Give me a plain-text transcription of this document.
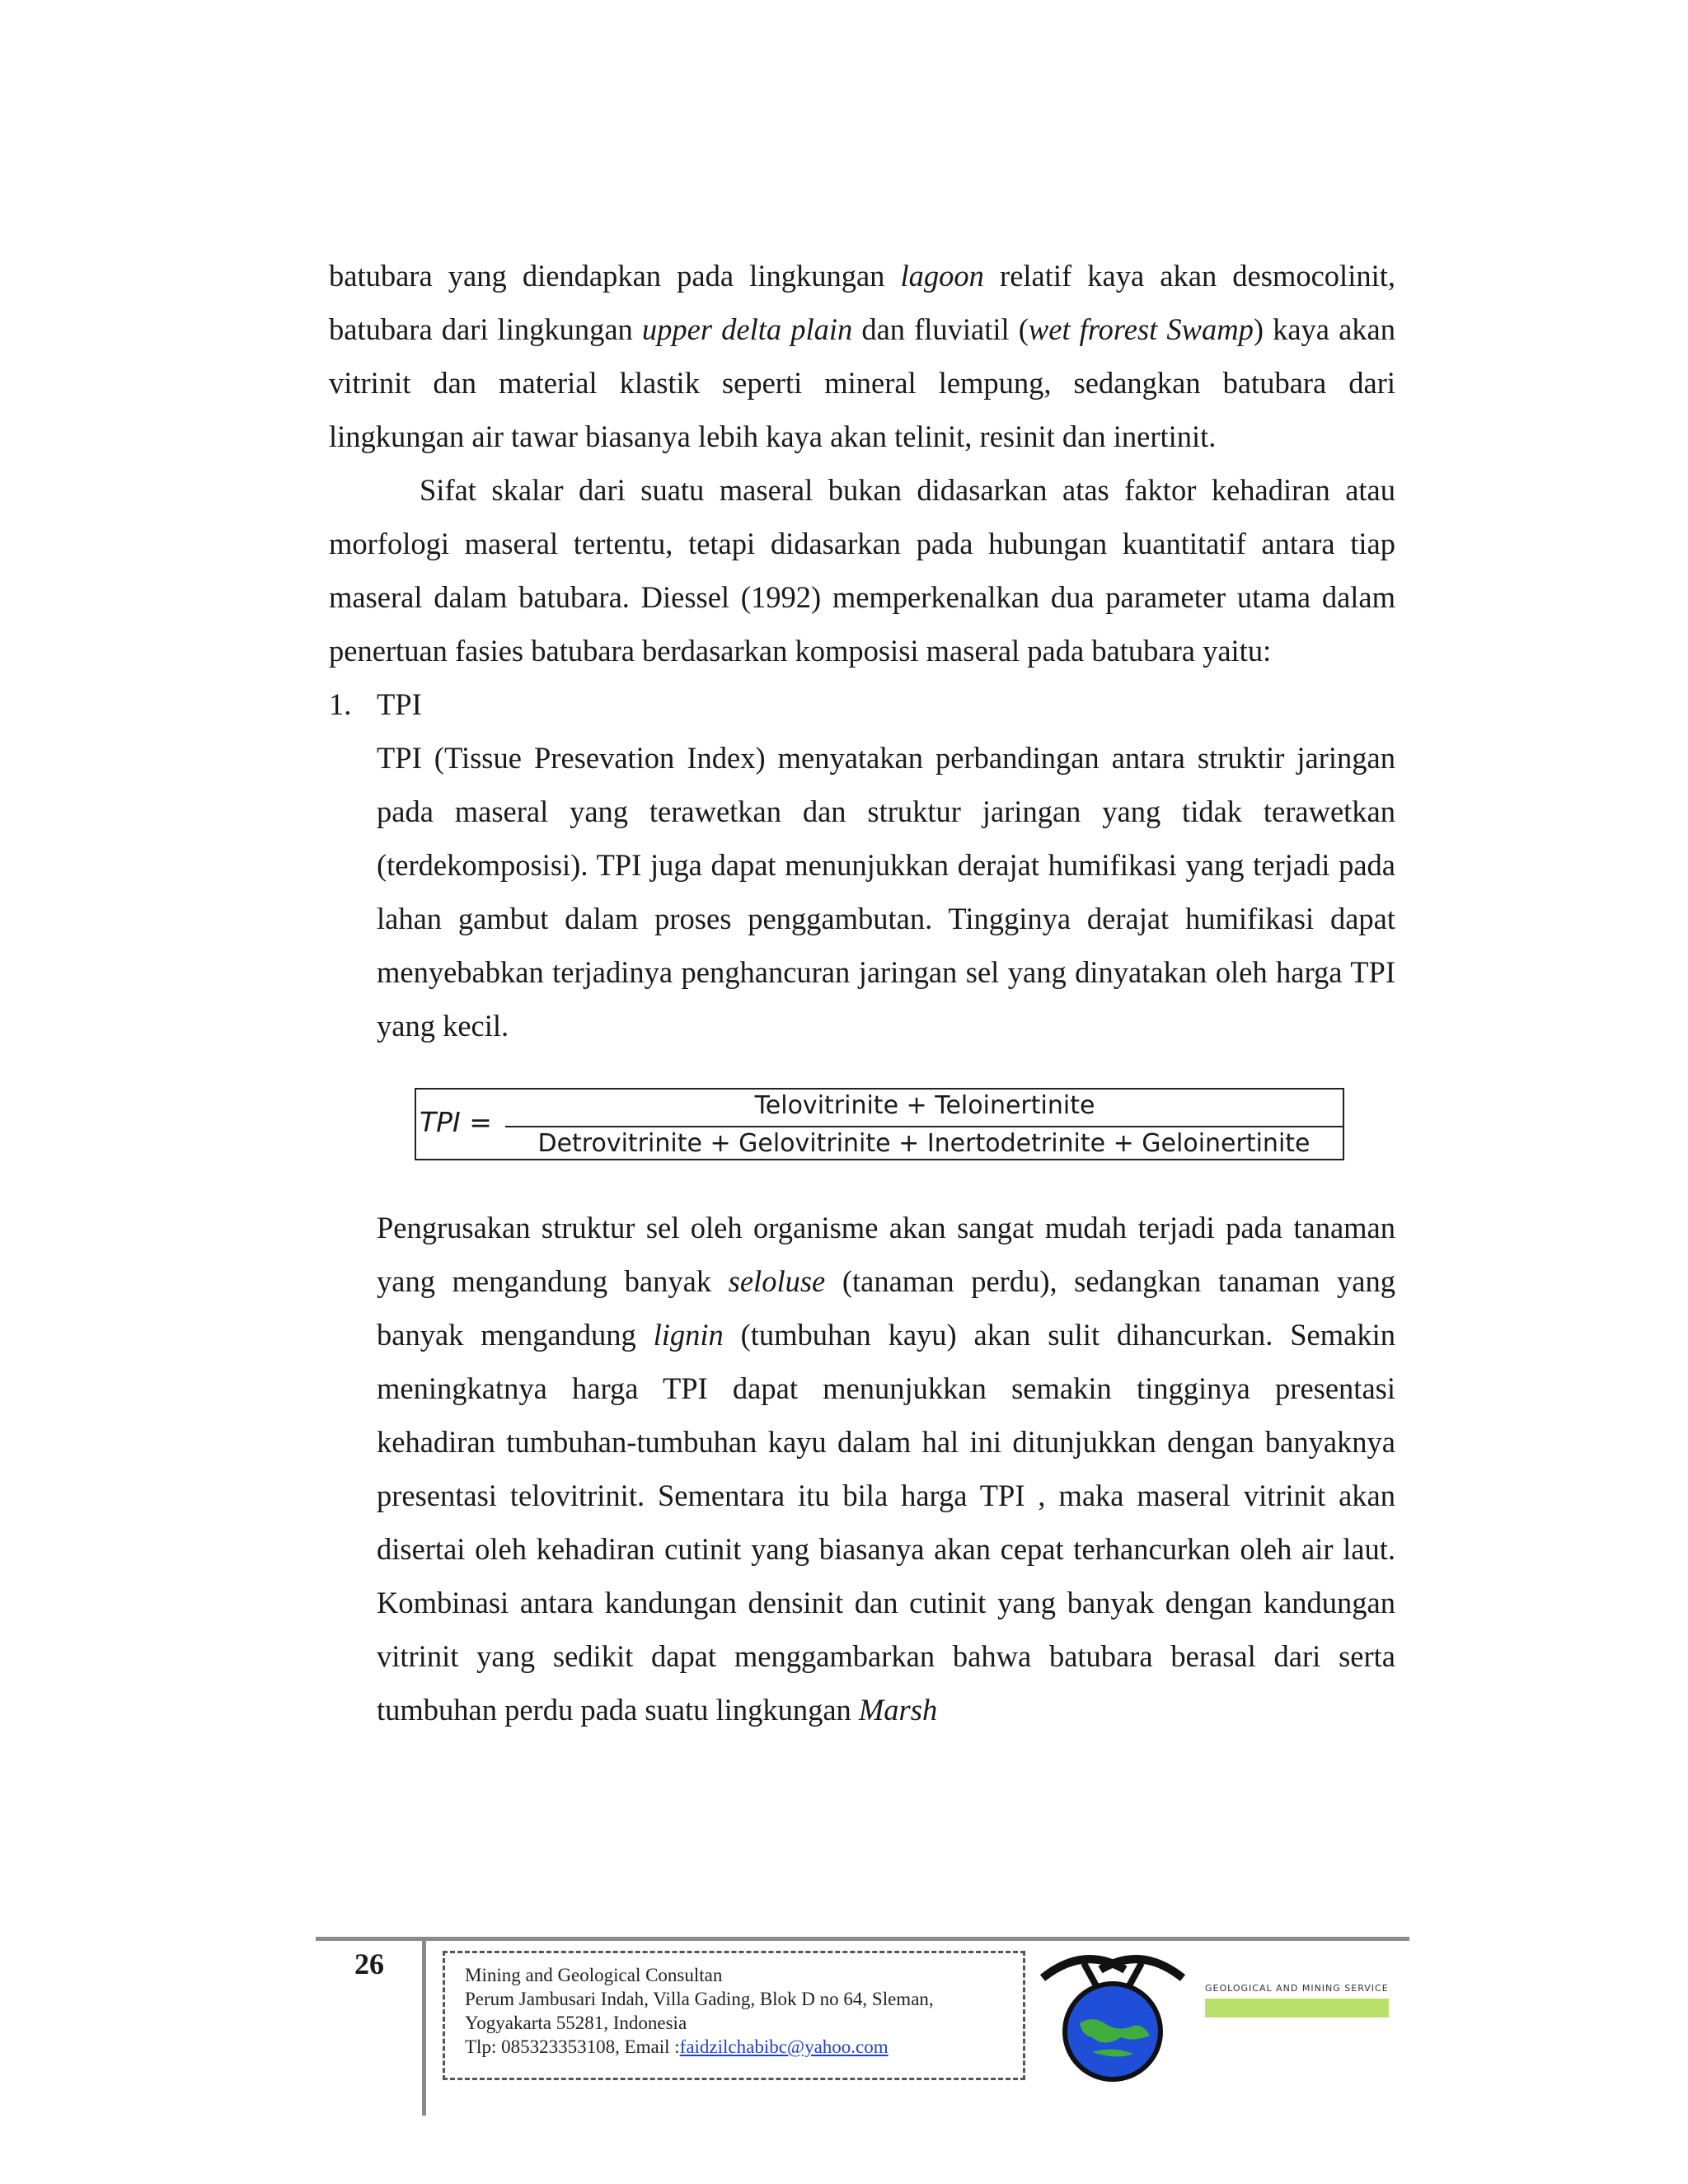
batubara yang diendapkan pada lingkungan lagoon relatif kaya akan desmocolinit, batubara dari lingkungan upper delta plain dan fluviatil (wet frorest Swamp) kaya akan vitrinit dan material klastik seperti mineral lempung, sedangkan batubara dari lingkungan air tawar biasanya lebih kaya akan telinit, resinit dan inertinit.

Sifat skalar dari suatu maseral bukan didasarkan atas faktor kehadiran atau morfologi maseral tertentu, tetapi didasarkan pada hubungan kuantitatif antara tiap maseral dalam batubara. Diessel (1992) memperkenalkan dua parameter utama dalam penertuan fasies batubara berdasarkan komposisi maseral pada batubara yaitu:

1. TPI

TPI (Tissue Presevation Index) menyatakan perbandingan antara struktir jaringan pada maseral yang terawetkan dan struktur jaringan yang tidak terawetkan (terdekomposisi). TPI juga dapat menunjukkan derajat humifikasi yang terjadi pada lahan gambut dalam proses penggambutan. Tingginya derajat humifikasi dapat menyebabkan terjadinya penghancuran jaringan sel yang dinyatakan oleh harga TPI yang kecil.

TPI =
Telovitrinite + Teloinertinite
Detrovitrinite + Gelovitrinite + Inertodetrinite + Geloinertinite

Pengrusakan struktur sel oleh organisme akan sangat mudah terjadi pada tanaman yang mengandung banyak seloluse (tanaman perdu), sedangkan tanaman yang banyak mengandung lignin (tumbuhan kayu) akan sulit dihancurkan. Semakin meningkatnya harga TPI dapat menunjukkan semakin tingginya presentasi kehadiran tumbuhan-tumbuhan kayu dalam hal ini ditunjukkan dengan banyaknya presentasi telovitrinit. Sementara itu bila harga TPI , maka maseral vitrinit akan disertai oleh kehadiran cutinit yang biasanya akan cepat terhancurkan oleh air laut. Kombinasi antara kandungan densinit dan cutinit yang banyak dengan kandungan vitrinit yang sedikit dapat menggambarkan bahwa batubara berasal dari serta tumbuhan perdu pada suatu lingkungan Marsh

26	Mining and Geological Consultan
Perum Jambusari Indah, Villa Gading, Blok D no 64, Sleman,
Yogyakarta 55281, Indonesia
Tlp: 085323353108, Email :faidzilchabibc@yahoo.com
GEOLOGICAL AND MINING SERVICE
